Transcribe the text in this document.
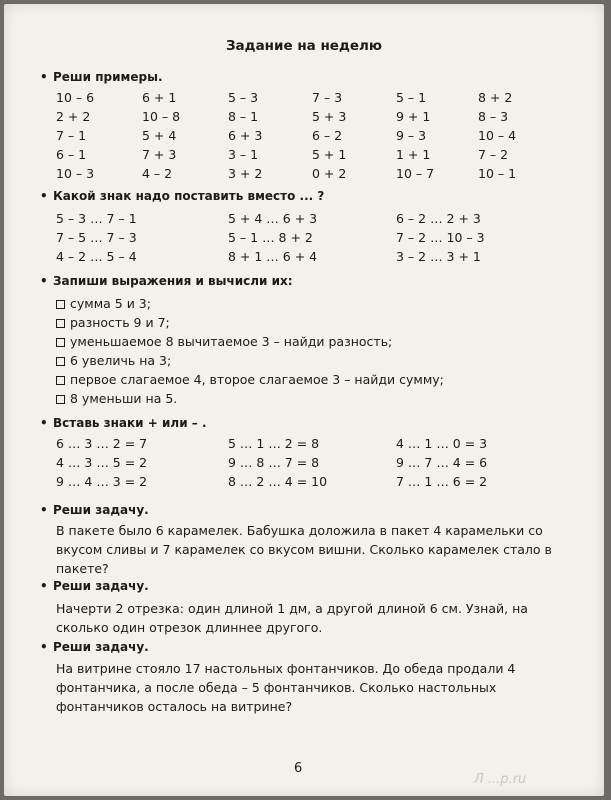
Задание на неделю
• Реши примеры.
10 – 6	6 + 1	5 – 3	7 – 3	5 – 1	8 + 2
2 + 2	10 – 8	8 – 1	5 + 3	9 + 1	8 – 3
7 – 1	5 + 4	6 + 3	6 – 2	9 – 3	10 – 4
6 – 1	7 + 3	3 – 1	5 + 1	1 + 1	7 – 2
10 – 3	4 – 2	3 + 2	0 + 2	10 – 7	10 – 1
• Какой знак надо поставить вместо ... ?
5 – 3 … 7 – 1	5 + 4 … 6 + 3	6 – 2 … 2 + 3
7 – 5 … 7 – 3	5 – 1 … 8 + 2	7 – 2 … 10 – 3
4 – 2 … 5 – 4	8 + 1 … 6 + 4	3 – 2 … 3 + 1
• Запиши выражения и вычисли их:
сумма 5 и 3;
разность 9 и 7;
уменьшаемое 8 вычитаемое 3 – найди разность;
6 увеличь на 3;
первое слагаемое 4, второе слагаемое 3 – найди сумму;
8 уменьши на 5.
• Вставь знаки + или – .
6 … 3 … 2 = 7	5 … 1 … 2 = 8	4 … 1 … 0 = 3
4 … 3 … 5 = 2	9 … 8 … 7 = 8	9 … 7 … 4 = 6
9 … 4 … 3 = 2	8 … 2 … 4 = 10	7 … 1 … 6 = 2
• Реши задачу.
В пакете было 6 карамелек. Бабушка доложила в пакет 4 карамельки со вкусом сливы и 7 карамелек со вкусом вишни. Сколько карамелек стало в пакете?
• Реши задачу.
Начерти 2 отрезка: один длиной 1 дм, а другой длиной 6 см. Узнай, на сколько один отрезок длиннее другого.
• Реши задачу.
На витрине стояло 17 настольных фонтанчиков. До обеда продали 4 фонтанчика, а после обеда – 5 фонтанчиков. Сколько настольных фонтанчиков осталось на витрине?
6
Л ...p.ru
